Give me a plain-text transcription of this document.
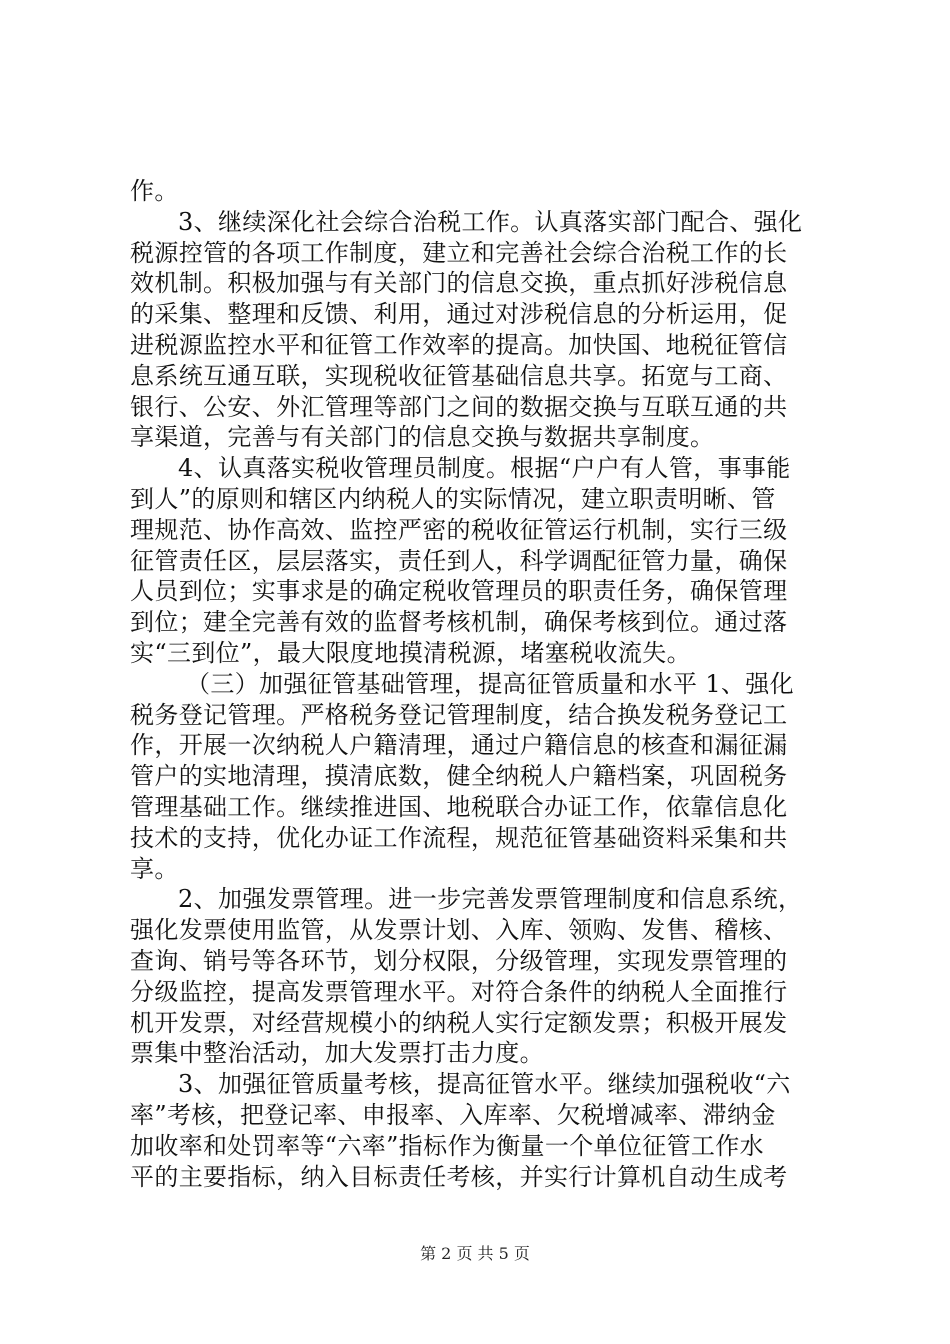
作。
3、继续深化社会综合治税工作。认真落实部门配合、强化
税源控管的各项工作制度，建立和完善社会综合治税工作的长
效机制。积极加强与有关部门的信息交换，重点抓好涉税信息
的采集、整理和反馈、利用，通过对涉税信息的分析运用，促
进税源监控水平和征管工作效率的提高。加快国、地税征管信
息系统互通互联，实现税收征管基础信息共享。拓宽与工商、
银行、公安、外汇管理等部门之间的数据交换与互联互通的共
享渠道，完善与有关部门的信息交换与数据共享制度。
4、认真落实税收管理员制度。根据“户户有人管，事事能
到人”的原则和辖区内纳税人的实际情况，建立职责明晰、管
理规范、协作高效、监控严密的税收征管运行机制，实行三级
征管责任区，层层落实，责任到人，科学调配征管力量，确保
人员到位；实事求是的确定税收管理员的职责任务，确保管理
到位；建全完善有效的监督考核机制，确保考核到位。通过落
实“三到位”，最大限度地摸清税源，堵塞税收流失。
（三）加强征管基础管理，提高征管质量和水平 1、强化
税务登记管理。严格税务登记管理制度，结合换发税务登记工
作，开展一次纳税人户籍清理，通过户籍信息的核查和漏征漏
管户的实地清理，摸清底数，健全纳税人户籍档案，巩固税务
管理基础工作。继续推进国、地税联合办证工作，依靠信息化
技术的支持，优化办证工作流程，规范征管基础资料采集和共
享。
2、加强发票管理。进一步完善发票管理制度和信息系统，
强化发票使用监管，从发票计划、入库、领购、发售、稽核、
查询、销号等各环节，划分权限，分级管理，实现发票管理的
分级监控，提高发票管理水平。对符合条件的纳税人全面推行
机开发票，对经营规模小的纳税人实行定额发票；积极开展发
票集中整治活动，加大发票打击力度。
3、加强征管质量考核，提高征管水平。继续加强税收“六
率”考核，把登记率、申报率、入库率、欠税增减率、滞纳金
加收率和处罚率等“六率”指标作为衡量一个单位征管工作水
平的主要指标，纳入目标责任考核，并实行计算机自动生成考
第 2 页 共 5 页
